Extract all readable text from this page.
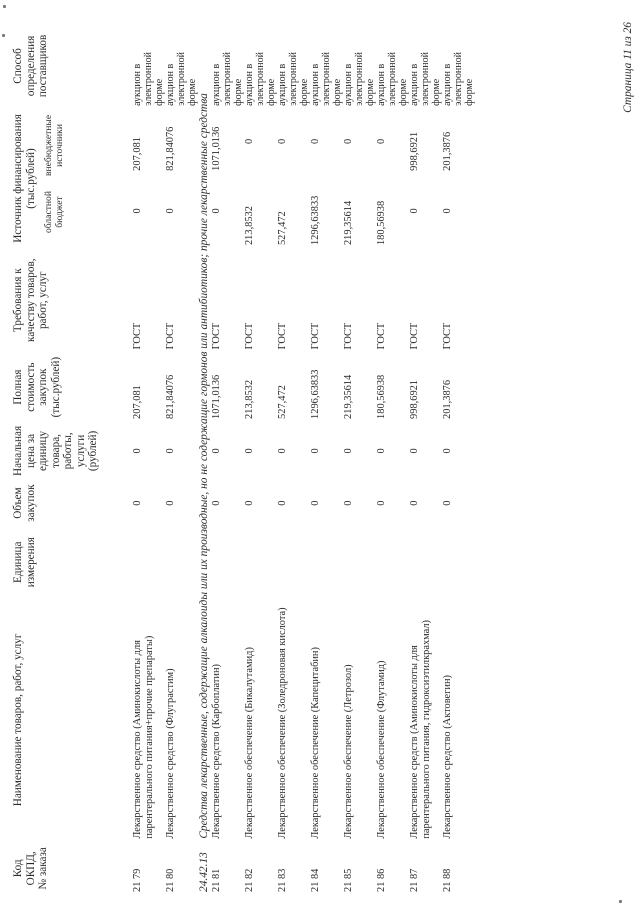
Код ОКПД, № заказа	Наименование товаров, работ, услуг	Единица измерения	Объем закупок	Начальная цена за единицу товара, работы, услуги (рублей)	Полная стоимость закупок (тыс.рублей)	Требования к качеству товаров, работ, услуг	
Источник финансирования (тыс.рублей)
областной бюджет	внебюджетные источники
	Способ определения поставщиков
21 79	Лекарственное средство (Аминокислоты для парентерального питания+прочие препараты)		0	0	207,081	ГОСТ	0	207,081	аукцион в электронной форме
21 80	Лекарственное средство (Флуграстим)		0	0	821,84076	ГОСТ	0	821,84076	аукцион в электронной форме
24.42.13	Средства лекарственные, содержащие алкалоиды или их производные, но не содержащие гормонов или антибиотиков; прочие лекарственные средства
21 81	Лекарственное средство (Карбоплатин)		0	0	1071,0136	ГОСТ	0	1071,0136	аукцион в электронной форме
21 82	Лекарственное обеспечение (Бикалутамид)		0	0	213,8532	ГОСТ	213,8532	0	аукцион в электронной форме
21 83	Лекарственное обеспечение (Золедроновая кислота)		0	0	527,472	ГОСТ	527,472	0	аукцион в электронной форме
21 84	Лекарственное обеспечение (Капецитабин)		0	0	1296,63833	ГОСТ	1296,63833	0	аукцион в электронной форме
21 85	Лекарственное обеспечение (Летрозол)		0	0	219,35614	ГОСТ	219,35614	0	аукцион в электронной форме
21 86	Лекарственное обеспечение (Флутамид)		0	0	180,56938	ГОСТ	180,56938	0	аукцион в электронной форме
21 87	Лекарственное средств (Аминокислоты для парентерального питания, гидроксиэтилкрахмал)		0	0	998,6921	ГОСТ	0	998,6921	аукцион в электронной форме
21 88	Лекарственное средство (Актовегин)		0	0	201,3876	ГОСТ	0	201,3876	аукцион в электронной форме	Страница 11 из 26
